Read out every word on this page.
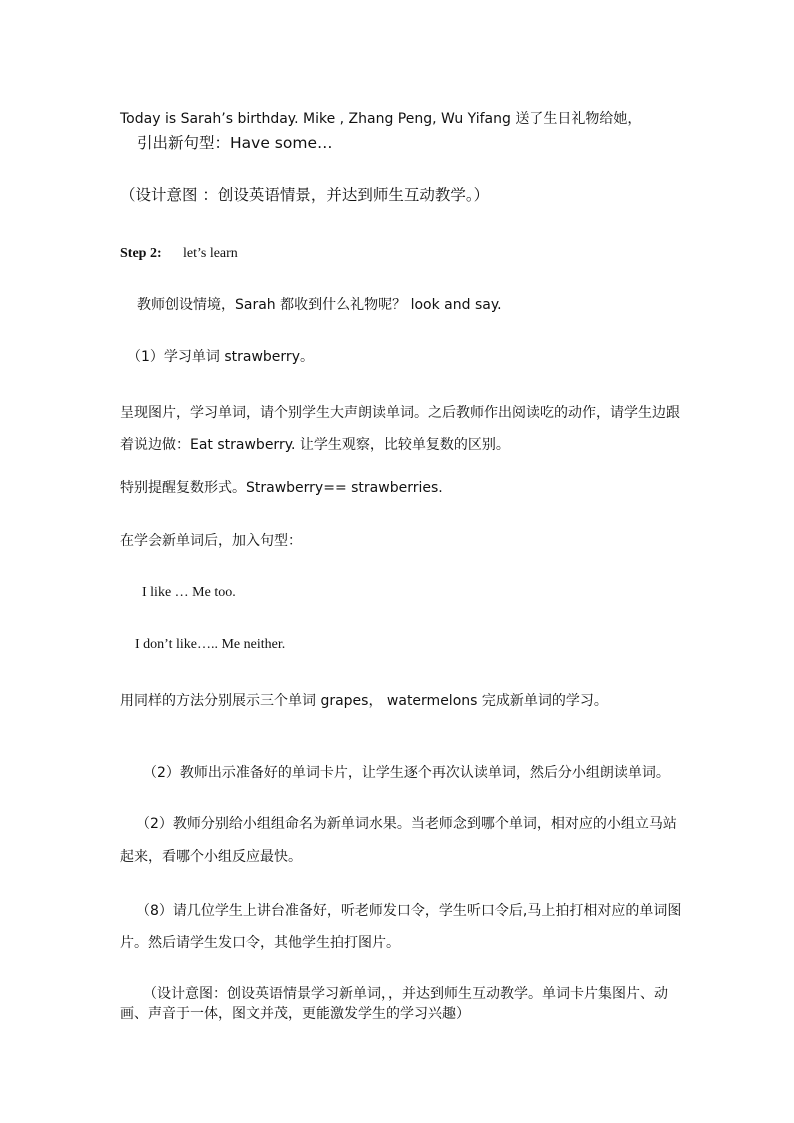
Today is Sarah’s birthday. Mike , Zhang Peng, Wu Yifang 送了生日礼物给她，
引出新句型：Have some…
（设计意图 ：创设英语情景，并达到师生互动教学。）
Step 2: let’s learn
教师创设情境，Sarah 都收到什么礼物呢？ look and say.
（1）学习单词 strawberry。
呈现图片，学习单词，请个别学生大声朗读单词。之后教师作出阅读吃的动作，请学生边跟
着说边做：Eat strawberry. 让学生观察，比较单复数的区别。
特别提醒复数形式。Strawberry== strawberries.
在学会新单词后，加入句型：
I like … Me too.
I don’t like….. Me neither.
用同样的方法分别展示三个单词 grapes， watermelons 完成新单词的学习。
（2）教师出示准备好的单词卡片，让学生逐个再次认读单词，然后分小组朗读单词。
（2）教师分别给小组组命名为新单词水果。当老师念到哪个单词，相对应的小组立马站
起来，看哪个小组反应最快。
（8）请几位学生上讲台准备好，听老师发口令，学生听口令后,马上拍打相对应的单词图
片。然后请学生发口令，其他学生拍打图片。
（设计意图：创设英语情景学习新单词，，并达到师生互动教学。单词卡片集图片、动
画、声音于一体，图文并茂，更能激发学生的学习兴趣）
